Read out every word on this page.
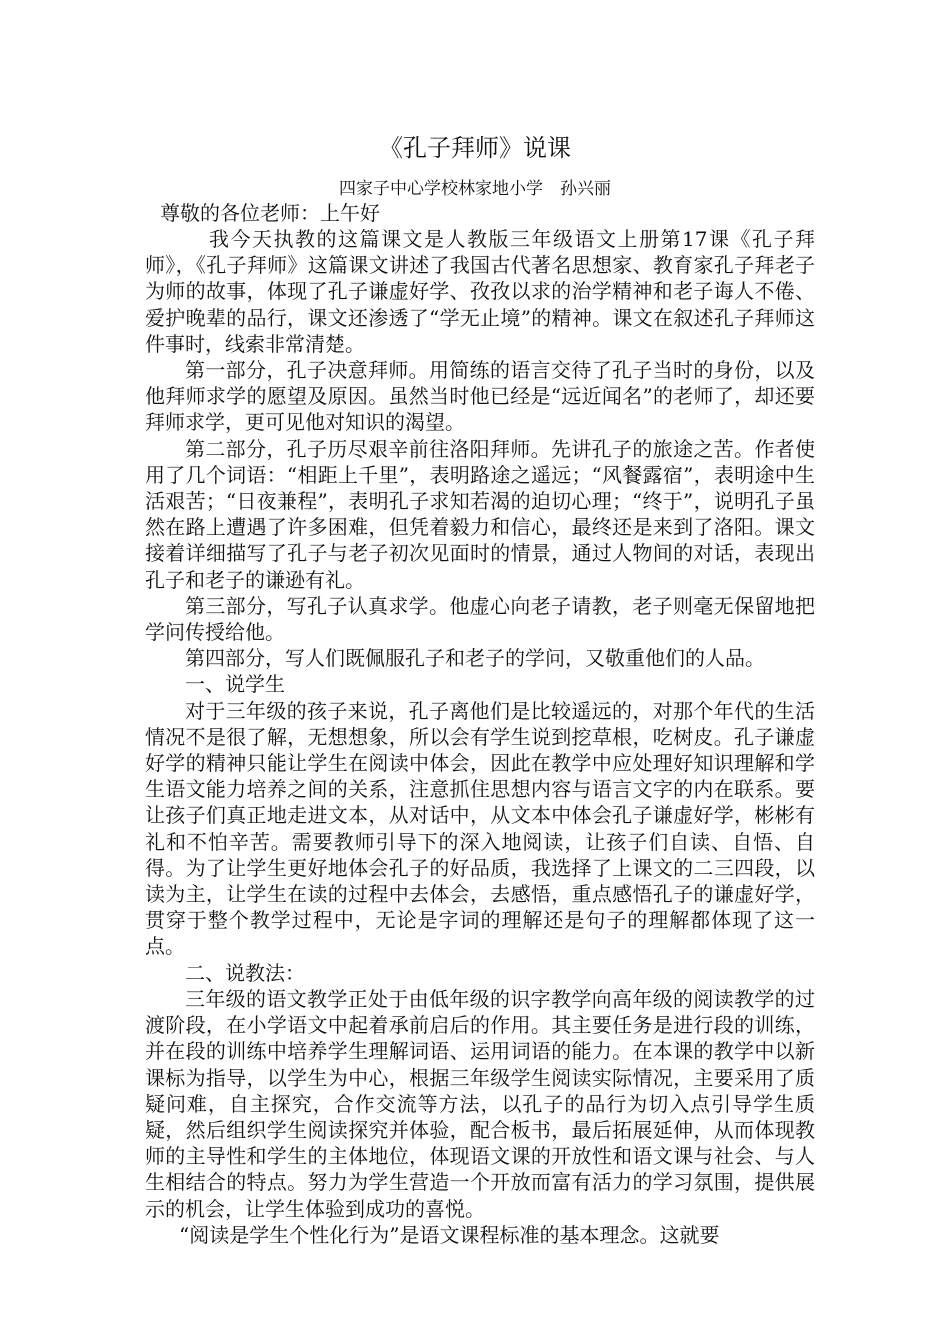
《孔子拜师》说课
四家子中心学校林家地小学　孙兴丽
尊敬的各位老师：上午好

我今天执教的这篇课文是人教版三年级语文上册第17课《孔子拜师》，《孔子拜师》这篇课文讲述了我国古代著名思想家、教育家孔子拜老子为师的故事，体现了孔子谦虚好学、孜孜以求的治学精神和老子诲人不倦、爱护晚辈的品行，课文还渗透了“学无止境”的精神。课文在叙述孔子拜师这件事时，线索非常清楚。

第一部分，孔子决意拜师。用简练的语言交待了孔子当时的身份，以及他拜师求学的愿望及原因。虽然当时他已经是“远近闻名”的老师了，却还要拜师求学，更可见他对知识的渴望。

第二部分，孔子历尽艰辛前往洛阳拜师。先讲孔子的旅途之苦。作者使用了几个词语：“相距上千里”，表明路途之遥远；“风餐露宿”，表明途中生活艰苦；“日夜兼程”，表明孔子求知若渴的迫切心理；“终于”，说明孔子虽然在路上遭遇了许多困难，但凭着毅力和信心，最终还是来到了洛阳。课文接着详细描写了孔子与老子初次见面时的情景，通过人物间的对话，表现出孔子和老子的谦逊有礼。

第三部分，写孔子认真求学。他虚心向老子请教，老子则毫无保留地把学问传授给他。

第四部分，写人们既佩服孔子和老子的学问，又敬重他们的人品。

一、说学生

对于三年级的孩子来说，孔子离他们是比较遥远的，对那个年代的生活情况不是很了解，无想想象，所以会有学生说到挖草根，吃树皮。孔子谦虚好学的精神只能让学生在阅读中体会，因此在教学中应处理好知识理解和学生语文能力培养之间的关系，注意抓住思想内容与语言文字的内在联系。要让孩子们真正地走进文本，从对话中，从文本中体会孔子谦虚好学，彬彬有礼和不怕辛苦。需要教师引导下的深入地阅读，让孩子们自读、自悟、自得。为了让学生更好地体会孔子的好品质，我选择了上课文的二三四段，以读为主，让学生在读的过程中去体会，去感悟，重点感悟孔子的谦虚好学，贯穿于整个教学过程中，无论是字词的理解还是句子的理解都体现了这一点。

二、说教法：

三年级的语文教学正处于由低年级的识字教学向高年级的阅读教学的过渡阶段，在小学语文中起着承前启后的作用。其主要任务是进行段的训练，并在段的训练中培养学生理解词语、运用词语的能力。在本课的教学中以新课标为指导，以学生为中心，根据三年级学生阅读实际情况，主要采用了质疑问难，自主探究，合作交流等方法，以孔子的品行为切入点引导学生质疑，然后组织学生阅读探究并体验，配合板书，最后拓展延伸，从而体现教师的主导性和学生的主体地位，体现语文课的开放性和语文课与社会、与人生相结合的特点。努力为学生营造一个开放而富有活力的学习氛围，提供展示的机会，让学生体验到成功的喜悦。

“阅读是学生个性化行为”是语文课程标准的基本理念。这就要
